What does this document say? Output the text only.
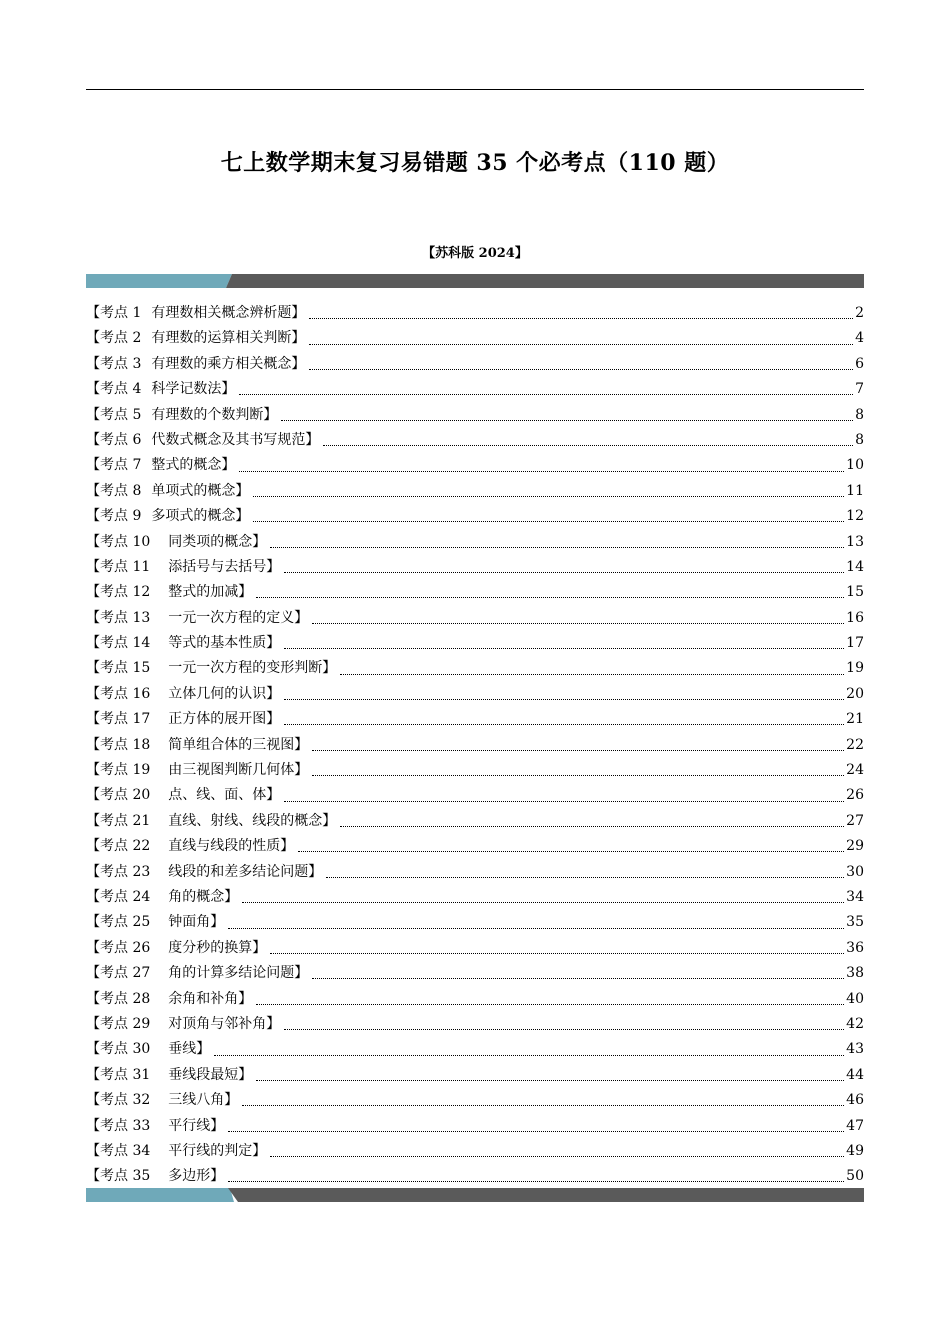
七上数学期末复习易错题 35 个必考点（110 题）
【苏科版 2024】
【考点 1 有理数相关概念辨析题】	2
【考点 2 有理数的运算相关判断】	4
【考点 3 有理数的乘方相关概念】	6
【考点 4 科学记数法】	7
【考点 5 有理数的个数判断】	8
【考点 6 代数式概念及其书写规范】	8
【考点 7 整式的概念】	10
【考点 8 单项式的概念】	11
【考点 9 多项式的概念】	12
【考点 10 同类项的概念】	13
【考点 11 添括号与去括号】	14
【考点 12 整式的加减】	15
【考点 13 一元一次方程的定义】	16
【考点 14 等式的基本性质】	17
【考点 15 一元一次方程的变形判断】	19
【考点 16 立体几何的认识】	20
【考点 17 正方体的展开图】	21
【考点 18 简单组合体的三视图】	22
【考点 19 由三视图判断几何体】	24
【考点 20 点、线、面、体】	26
【考点 21 直线、射线、线段的概念】	27
【考点 22 直线与线段的性质】	29
【考点 23 线段的和差多结论问题】	30
【考点 24 角的概念】	34
【考点 25 钟面角】	35
【考点 26 度分秒的换算】	36
【考点 27 角的计算多结论问题】	38
【考点 28 余角和补角】	40
【考点 29 对顶角与邻补角】	42
【考点 30 垂线】	43
【考点 31 垂线段最短】	44
【考点 32 三线八角】	46
【考点 33 平行线】	47
【考点 34 平行线的判定】	49
【考点 35 多边形】	50
